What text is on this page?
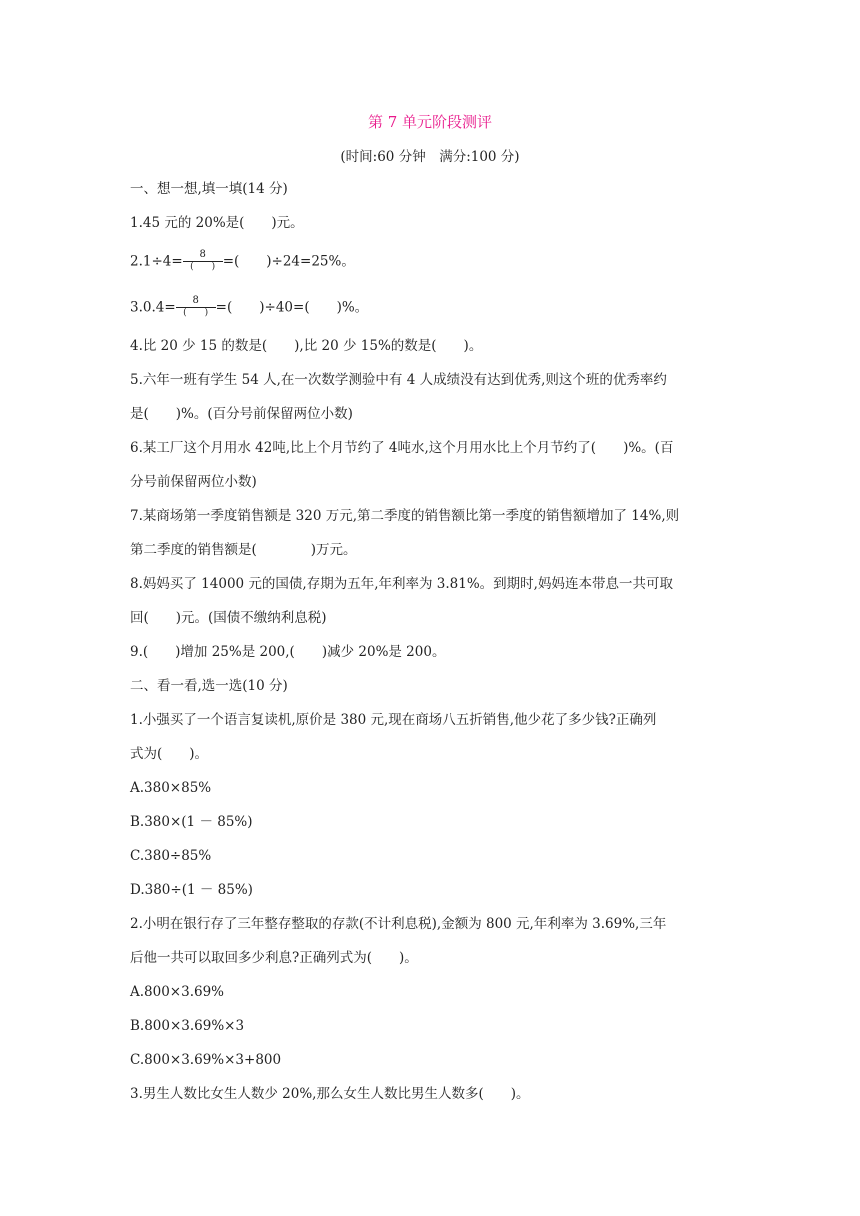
第 7 单元阶段测评
(时间:60 分钟　满分:100 分)
一、想一想,填一填(14 分)
1.45 元的 20%是(　　)元。
$2.1\div 4= \frac{8}{( )}$ =(　　)÷24=25%。
$3.0.4= \frac{8}{( )}$ =(　　)÷40=(　　)%。
4.比 20 少 15 的数是(　　),比 20 少 15%的数是(　　)。
5.六年一班有学生 54 人,在一次数学测验中有 4 人成绩没有达到优秀,则这个班的优秀率约
是(　　)%。(百分号前保留两位小数)
6.某工厂这个月用水 42吨,比上个月节约了 4吨水,这个月用水比上个月节约了(　　)%。(百
分号前保留两位小数)
7.某商场第一季度销售额是 320 万元,第二季度的销售额比第一季度的销售额增加了 14%,则
第二季度的销售额是(　　　　)万元。
8.妈妈买了 14000 元的国债,存期为五年,年利率为 3.81%。到期时,妈妈连本带息一共可取
回(　　)元。(国债不缴纳利息税)
9.(　　)增加 25%是 200,(　　)减少 20%是 200。
二、看一看,选一选(10 分)
1.小强买了一个语言复读机,原价是 380 元,现在商场八五折销售,他少花了多少钱?正确列
式为(　　)。
A.380×85%
B.380×(1 － 85%)
C.380÷85%
D.380÷(1 － 85%)
2.小明在银行存了三年整存整取的存款(不计利息税),金额为 800 元,年利率为 3.69%,三年
后他一共可以取回多少利息?正确列式为(　　)。
A.800×3.69%
B.800×3.69%×3
C.800×3.69%×3+800
3.男生人数比女生人数少 20%,那么女生人数比男生人数多(　　)。
